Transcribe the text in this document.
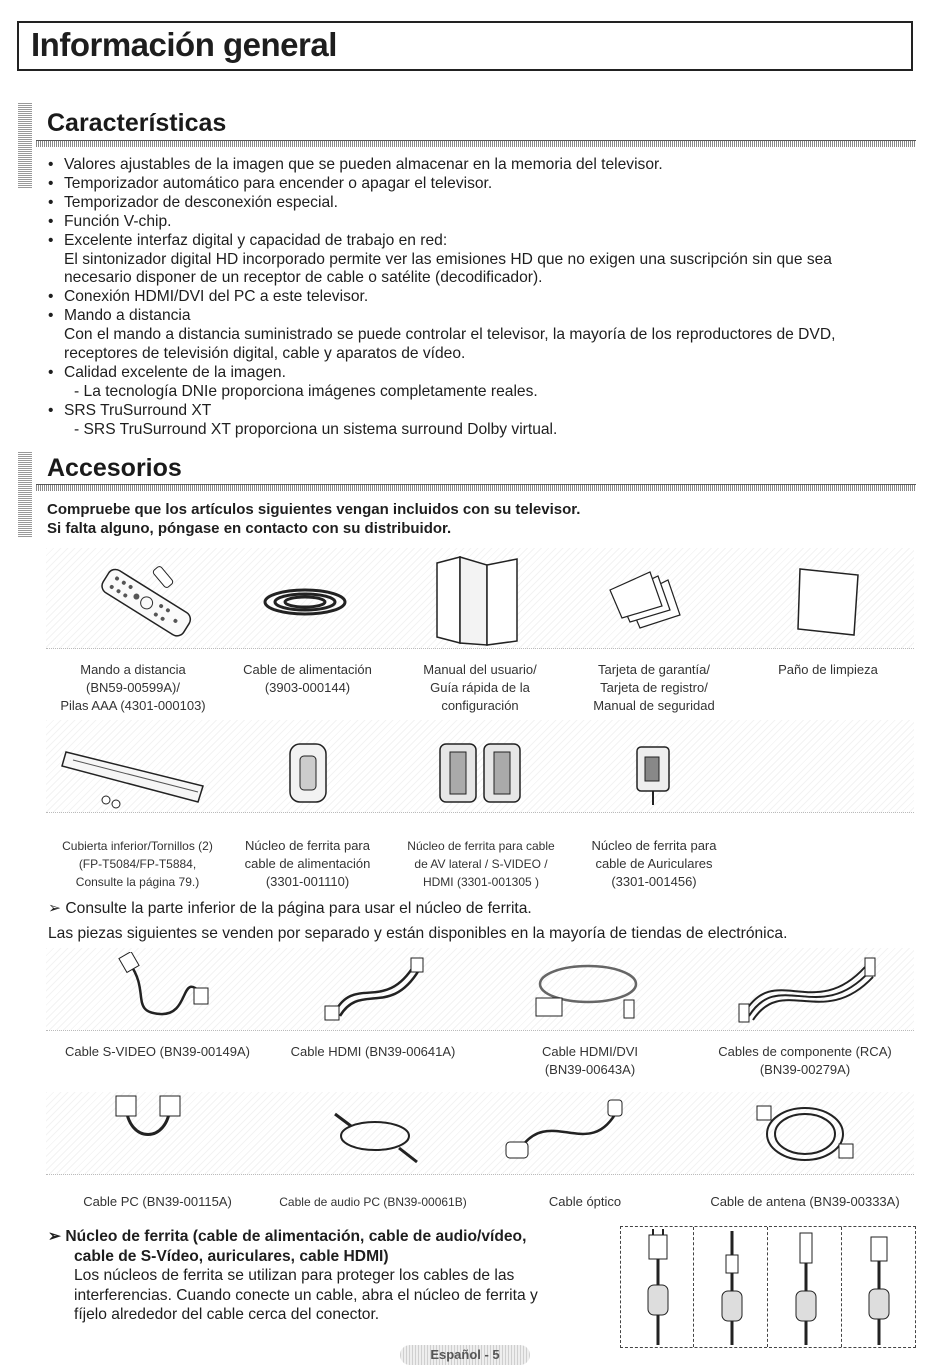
Información general
Características
• Valores ajustables de la imagen que se pueden almacenar en la memoria del televisor.
• Temporizador automático para encender o apagar el televisor.
• Temporizador de desconexión especial.
• Función V-chip.
• Excelente interfaz digital y capacidad de trabajo en red:
El sintonizador digital HD incorporado permite ver las emisiones HD que no exigen una suscripción sin que sea necesario disponer de un receptor de cable o satélite (decodificador).
• Conexión HDMI/DVI del PC a este televisor.
• Mando a distancia
Con el mando a distancia suministrado se puede controlar el televisor, la mayoría de los reproductores de DVD, receptores de televisión digital, cable y aparatos de vídeo.
• Calidad excelente de la imagen.
- La tecnología DNIe proporciona imágenes completamente reales.
• SRS TruSurround XT
- SRS TruSurround XT proporciona un sistema surround Dolby virtual.
Accesorios
Compruebe que los artículos siguientes vengan incluidos con su televisor.
Si falta alguno, póngase en contacto con su distribuidor.
Mando a distancia
(BN59-00599A)/
Pilas AAA (4301-000103)
Cable de alimentación
(3903-000144)
Manual del usuario/
Guía rápida de la
configuración
Tarjeta de garantía/
Tarjeta de registro/
Manual de seguridad
Paño de limpieza
Cubierta inferior/Tornillos (2)
(FP-T5084/FP-T5884,
Consulte la página 79.)
Núcleo de ferrita para
cable de alimentación
(3301-001110)
Núcleo de ferrita para cable
de AV lateral / S-VIDEO /
HDMI (3301-001305 )
Núcleo de ferrita para
cable de Auriculares
(3301-001456)
➢ Consulte la parte inferior de la página para usar el núcleo de ferrita.
Las piezas siguientes se venden por separado y están disponibles en la mayoría de tiendas de electrónica.
Cable S-VIDEO (BN39-00149A)	Cable HDMI (BN39-00641A)	Cable HDMI/DVI
(BN39-00643A)
Cables de componente (RCA)
(BN39-00279A)
Cable PC (BN39-00115A)	Cable de audio PC (BN39-00061B)	Cable óptico	Cable de antena (BN39-00333A)
➢ Núcleo de ferrita (cable de alimentación, cable de audio/vídeo,
cable de S-Vídeo, auriculares, cable HDMI)
Los núcleos de ferrita se utilizan para proteger los cables de las interferencias. Cuando conecte un cable, abra el núcleo de ferrita y fíjelo alrededor del cable cerca del conector.
Español - 5
